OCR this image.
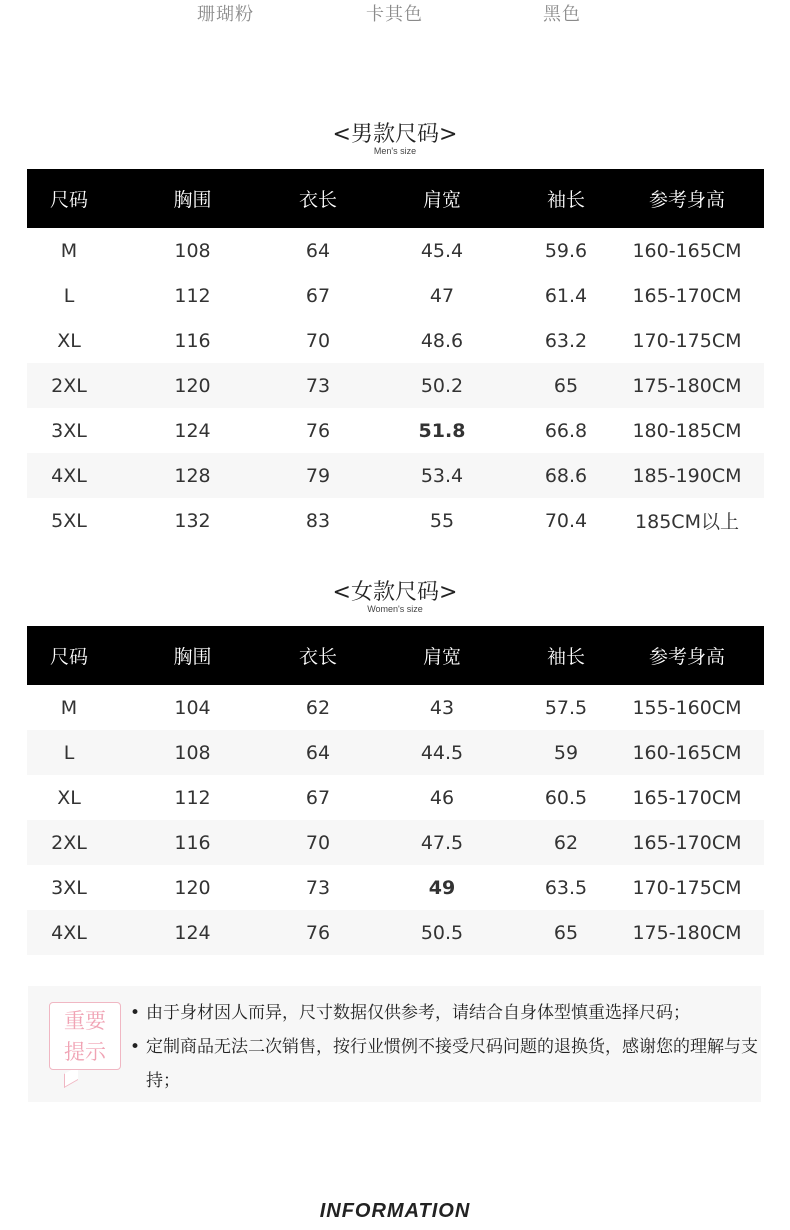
珊瑚粉	卡其色	黑色
<男款尺码>
Men's size
尺码	胸围	衣长	肩宽	袖长	参考身高
M	108	64	45.4	59.6	160-165CM
L	112	67	47	61.4	165-170CM
XL	116	70	48.6	63.2	170-175CM
2XL	120	73	50.2	65	175-180CM
3XL	124	76	51.8	66.8	180-185CM
4XL	128	79	53.4	68.6	185-190CM
5XL	132	83	55	70.4	185CM以上
<女款尺码>
Women's size
尺码	胸围	衣长	肩宽	袖长	参考身高
M	104	62	43	57.5	155-160CM
L	108	64	44.5	59	160-165CM
XL	112	67	46	60.5	165-170CM
2XL	116	70	47.5	62	165-170CM
3XL	120	73	49	63.5	170-175CM
4XL	124	76	50.5	65	175-180CM
重要
提示
• 由于身材因人而异，尺寸数据仅供参考，请结合自身体型慎重选择尺码；
• 定制商品无法二次销售，按行业惯例不接受尺码问题的退换货，感谢您的理解与支持；
INFORMATION
